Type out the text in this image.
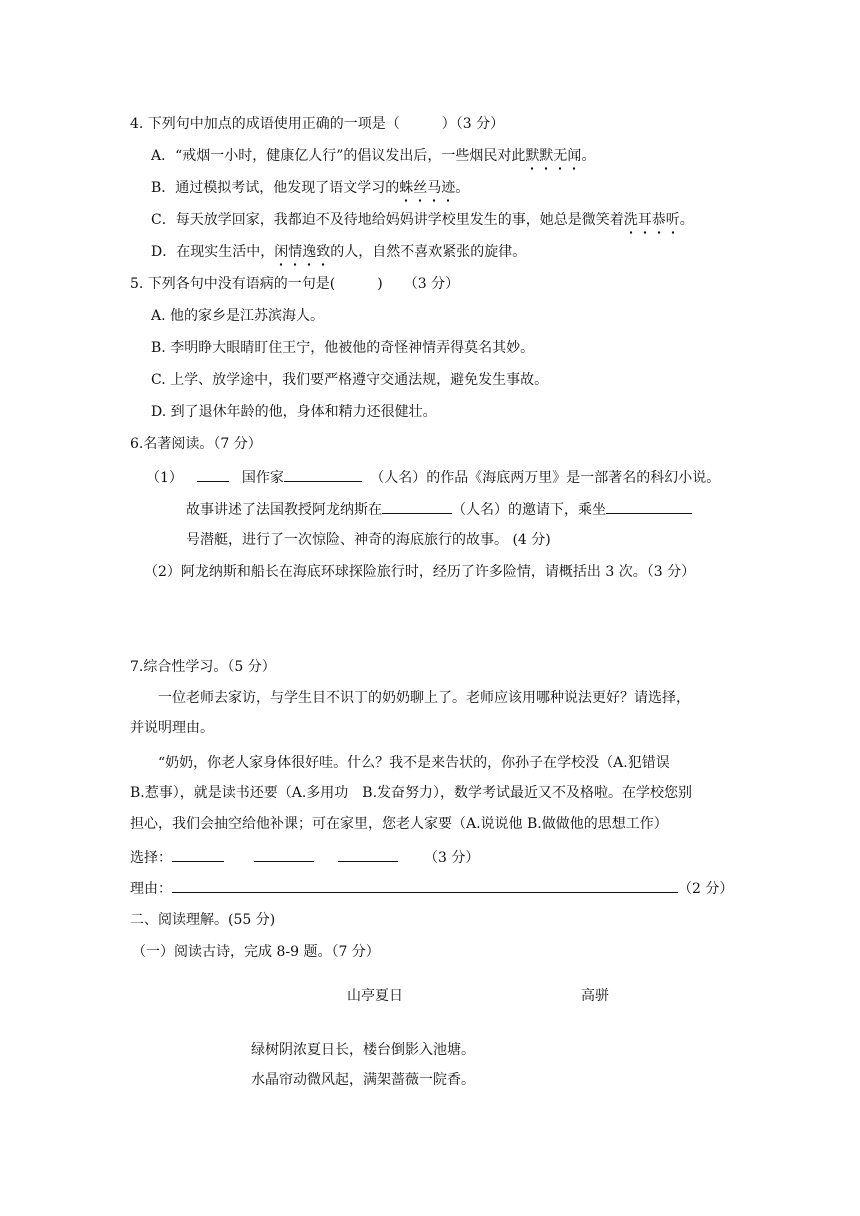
4. 下列句中加点的成语使用正确的一项是（　　　）（3 分）
A．“戒烟一小时，健康亿人行”的倡议发出后，一些烟民对此默默无闻。
B．通过模拟考试，他发现了语文学习的蛛丝马迹。
C．每天放学回家，我都迫不及待地给妈妈讲学校里发生的事，她总是微笑着洗耳恭听。
D．在现实生活中，闲情逸致的人，自然不喜欢紧张的旋律。
5. 下列各句中没有语病的一句是(　　　)　　（3 分）
A. 他的家乡是江苏滨海人。
B. 李明睁大眼睛盯住王宁，他被他的奇怪神情弄得莫名其妙。
C. 上学、放学途中，我们要严格遵守交通法规，避免发生事故。
D. 到了退休年龄的他，身体和精力还很健壮。
6.名著阅读。（7 分）
（1）	国作家	（人名）的作品《海底两万里》是一部著名的科幻小说。
故事讲述了法国教授阿龙纳斯在	（人名）的邀请下，乘坐
号潜艇，进行了一次惊险、神奇的海底旅行的故事。 (4 分)
（2）阿龙纳斯和船长在海底环球探险旅行时，经历了许多险情，请概括出 3 次。（3 分）
7.综合性学习。（5 分）
一位老师去家访，与学生目不识丁的奶奶聊上了。老师应该用哪种说法更好？请选择，
并说明理由。
“奶奶，你老人家身体很好哇。什么？我不是来告状的，你孙子在学校没（A.犯错误
B.惹事），就是读书还要（A.多用功　B.发奋努力），数学考试最近又不及格啦。在学校您别
担心，我们会抽空给他补课；可在家里，您老人家要（A.说说他 B.做做他的思想工作）
选择：	（3 分）
理由：	（2 分）
二、阅读理解。(55 分)
（一）阅读古诗，完成 8-9 题。（7 分）
山亭夏日	高骈
绿树阴浓夏日长，楼台倒影入池塘。
水晶帘动微风起，满架蔷薇一院香。
